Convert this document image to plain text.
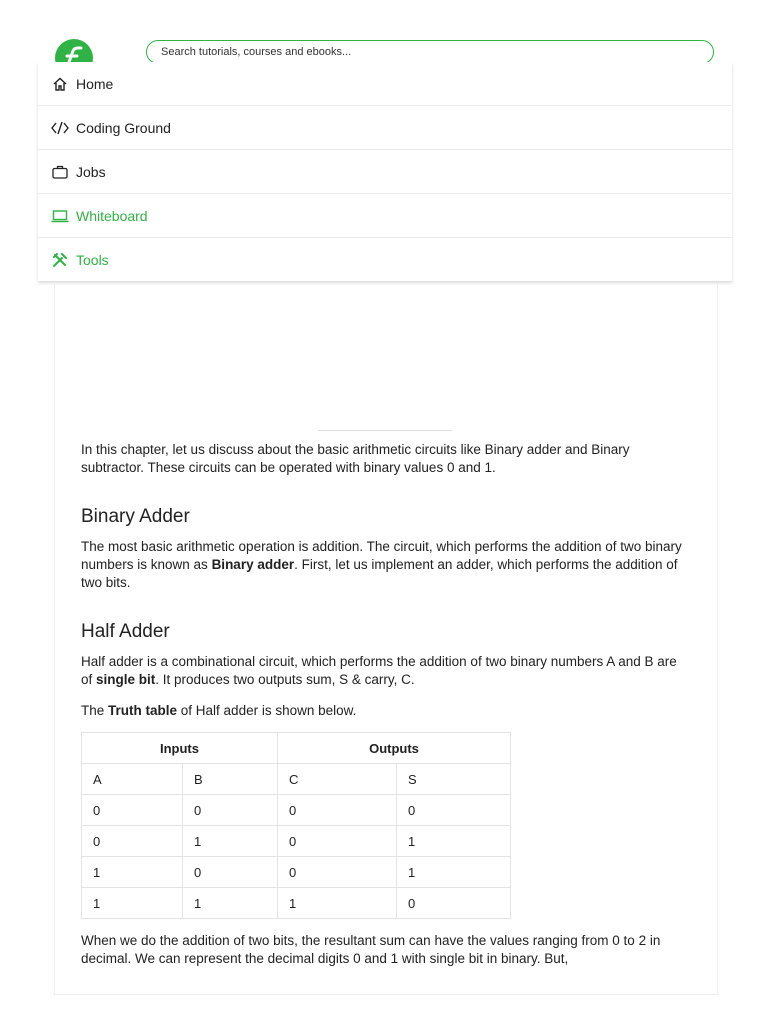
Search tutorials, courses and ebooks...
Home
Coding Ground
Jobs
Whiteboard
Tools
In this chapter, let us discuss about the basic arithmetic circuits like Binary adder and Binary subtractor. These circuits can be operated with binary values 0 and 1.
Binary Adder
The most basic arithmetic operation is addition. The circuit, which performs the addition of two binary numbers is known as Binary adder. First, let us implement an adder, which performs the addition of two bits.
Half Adder
Half adder is a combinational circuit, which performs the addition of two binary numbers A and B are of single bit. It produces two outputs sum, S & carry, C.
The Truth table of Half adder is shown below.
Inputs		Outputs	
A	B	C	S
0	0	0	0
0	1	0	1
1	0	0	1
1	1	1	0
When we do the addition of two bits, the resultant sum can have the values ranging from 0 to 2 in decimal. We can represent the decimal digits 0 and 1 with single bit in binary. But,
